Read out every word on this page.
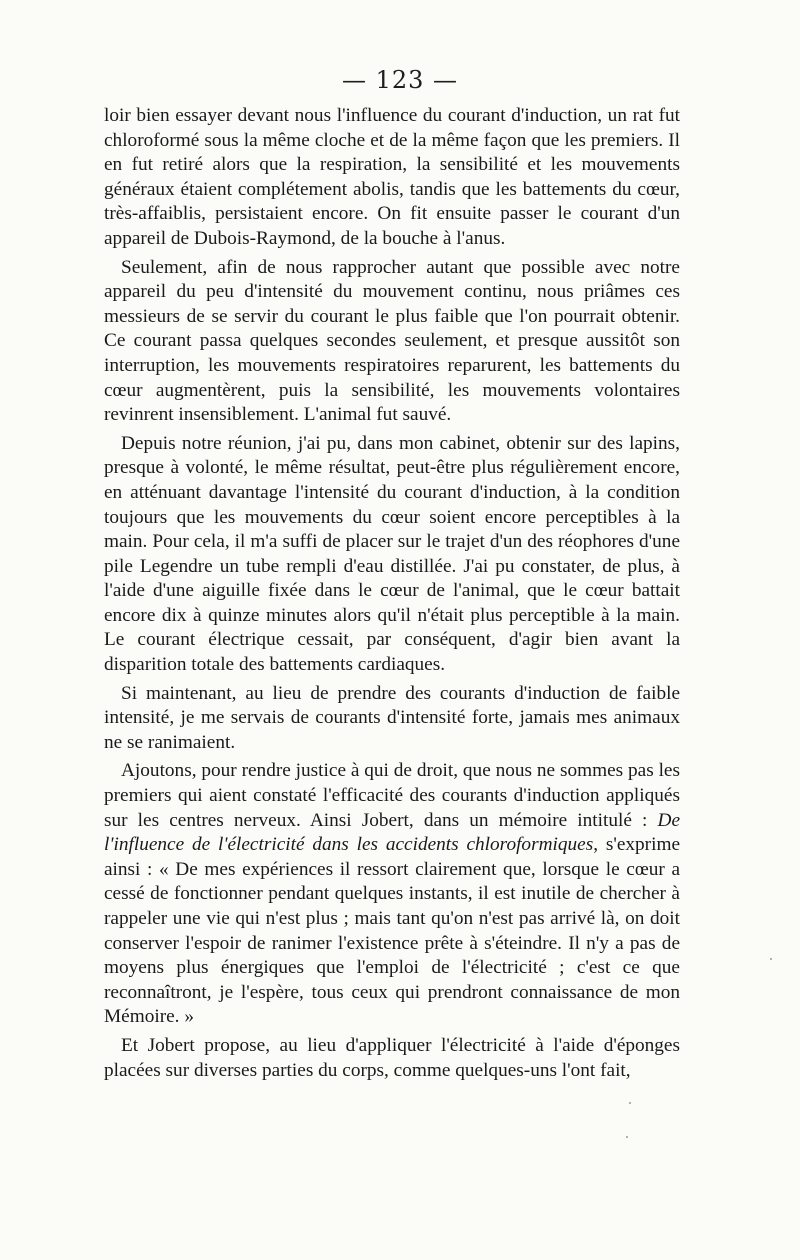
— 123 —

loir bien essayer devant nous l'influence du courant d'induction, un rat fut chloroformé sous la même cloche et de la même façon que les premiers. Il en fut retiré alors que la respiration, la sensibilité et les mouvements généraux étaient complétement abolis, tandis que les battements du cœur, très-affaiblis, persistaient encore. On fit ensuite passer le courant d'un appareil de Dubois-Raymond, de la bouche à l'anus.

Seulement, afin de nous rapprocher autant que possible avec notre appareil du peu d'intensité du mouvement continu, nous priâmes ces messieurs de se servir du courant le plus faible que l'on pourrait obtenir. Ce courant passa quelques secondes seulement, et presque aussitôt son interruption, les mouvements respiratoires reparurent, les battements du cœur augmentèrent, puis la sensibilité, les mouvements volontaires revinrent insensiblement. L'animal fut sauvé.

Depuis notre réunion, j'ai pu, dans mon cabinet, obtenir sur des lapins, presque à volonté, le même résultat, peut-être plus régulièrement encore, en atténuant davantage l'intensité du courant d'induction, à la condition toujours que les mouvements du cœur soient encore perceptibles à la main. Pour cela, il m'a suffi de placer sur le trajet d'un des réophores d'une pile Legendre un tube rempli d'eau distillée. J'ai pu constater, de plus, à l'aide d'une aiguille fixée dans le cœur de l'animal, que le cœur battait encore dix à quinze minutes alors qu'il n'était plus perceptible à la main. Le courant électrique cessait, par conséquent, d'agir bien avant la disparition totale des battements cardiaques.

Si maintenant, au lieu de prendre des courants d'induction de faible intensité, je me servais de courants d'intensité forte, jamais mes animaux ne se ranimaient.

Ajoutons, pour rendre justice à qui de droit, que nous ne sommes pas les premiers qui aient constaté l'efficacité des courants d'induction appliqués sur les centres nerveux. Ainsi Jobert, dans un mémoire intitulé : De l'influence de l'électricité dans les accidents chloroformiques, s'exprime ainsi : « De mes expériences il ressort clairement que, lorsque le cœur a cessé de fonctionner pendant quelques instants, il est inutile de chercher à rappeler une vie qui n'est plus ; mais tant qu'on n'est pas arrivé là, on doit conserver l'espoir de ranimer l'existence prête à s'éteindre. Il n'y a pas de moyens plus énergiques que l'emploi de l'électricité ; c'est ce que reconnaîtront, je l'espère, tous ceux qui prendront connaissance de mon Mémoire. »

Et Jobert propose, au lieu d'appliquer l'électricité à l'aide d'éponges placées sur diverses parties du corps, comme quelques-uns l'ont fait,
